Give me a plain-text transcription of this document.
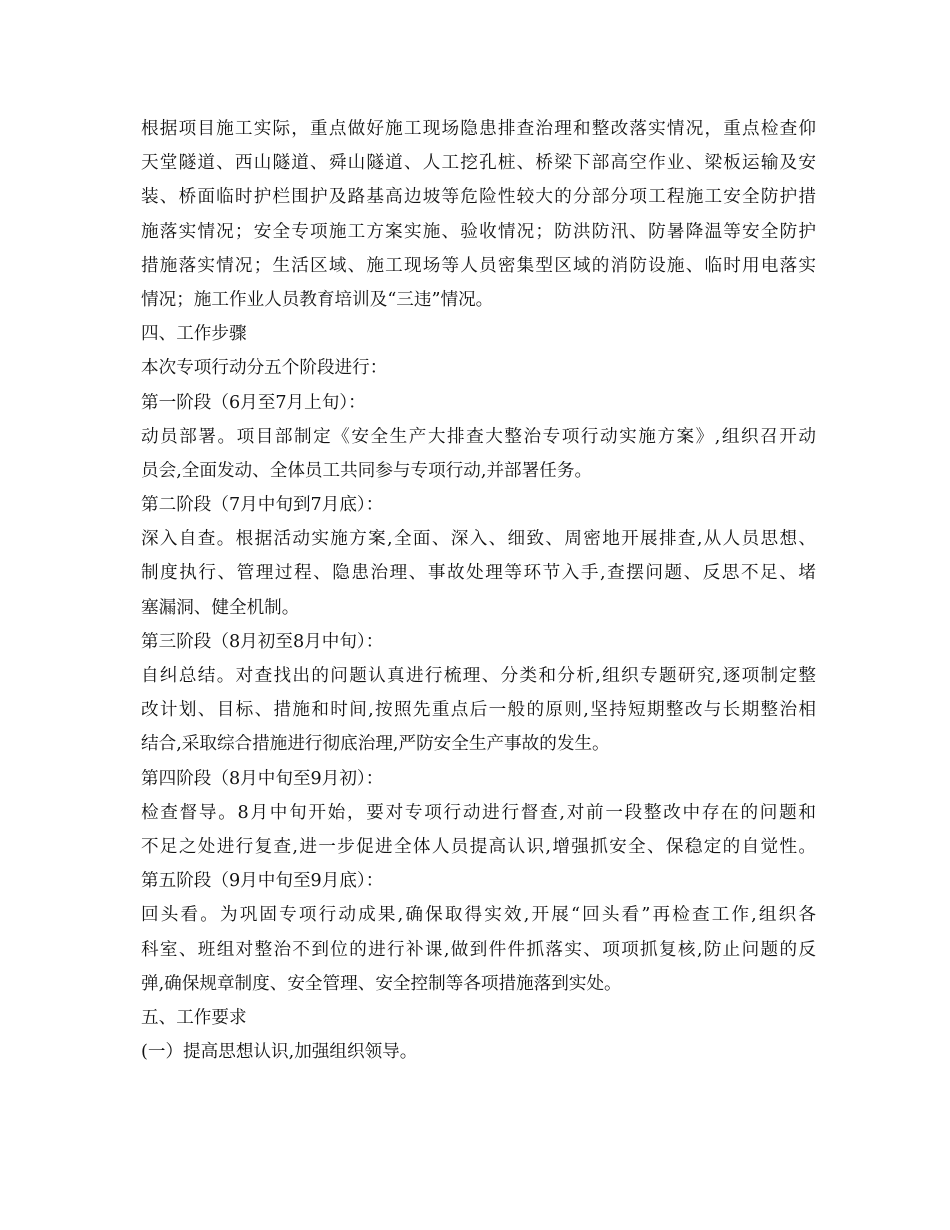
根据项目施工实际，重点做好施工现场隐患排查治理和整改落实情况，重点检查仰
天堂隧道、西山隧道、舜山隧道、人工挖孔桩、桥梁下部高空作业、梁板运输及安
装、桥面临时护栏围护及路基高边坡等危险性较大的分部分项工程施工安全防护措
施落实情况；安全专项施工方案实施、验收情况；防洪防汛、防暑降温等安全防护
措施落实情况；生活区域、施工现场等人员密集型区域的消防设施、临时用电落实
情况；施工作业人员教育培训及“三违”情况。
四、工作步骤
本次专项行动分五个阶段进行：
第一阶段（6月至7月上旬）：
动员部署。项目部制定《安全生产大排查大整治专项行动实施方案》,组织召开动
员会,全面发动、全体员工共同参与专项行动,并部署任务。
第二阶段（7月中旬到7月底）：
深入自查。根据活动实施方案,全面、深入、细致、周密地开展排查,从人员思想、
制度执行、管理过程、隐患治理、事故处理等环节入手,查摆问题、反思不足、堵
塞漏洞、健全机制。
第三阶段（8月初至8月中旬）：
自纠总结。对查找出的问题认真进行梳理、分类和分析,组织专题研究,逐项制定整
改计划、目标、措施和时间,按照先重点后一般的原则,坚持短期整改与长期整治相
结合,采取综合措施进行彻底治理,严防安全生产事故的发生。
第四阶段（8月中旬至9月初）：
检查督导。8月中旬开始，要对专项行动进行督查,对前一段整改中存在的问题和
不足之处进行复查,进一步促进全体人员提高认识,增强抓安全、保稳定的自觉性。
第五阶段（9月中旬至9月底）：
回头看。为巩固专项行动成果,确保取得实效,开展“回头看”再检查工作,组织各
科室、班组对整治不到位的进行补课,做到件件抓落实、项项抓复核,防止问题的反
弹,确保规章制度、安全管理、安全控制等各项措施落到实处。
五、工作要求
(一）提高思想认识,加强组织领导。
